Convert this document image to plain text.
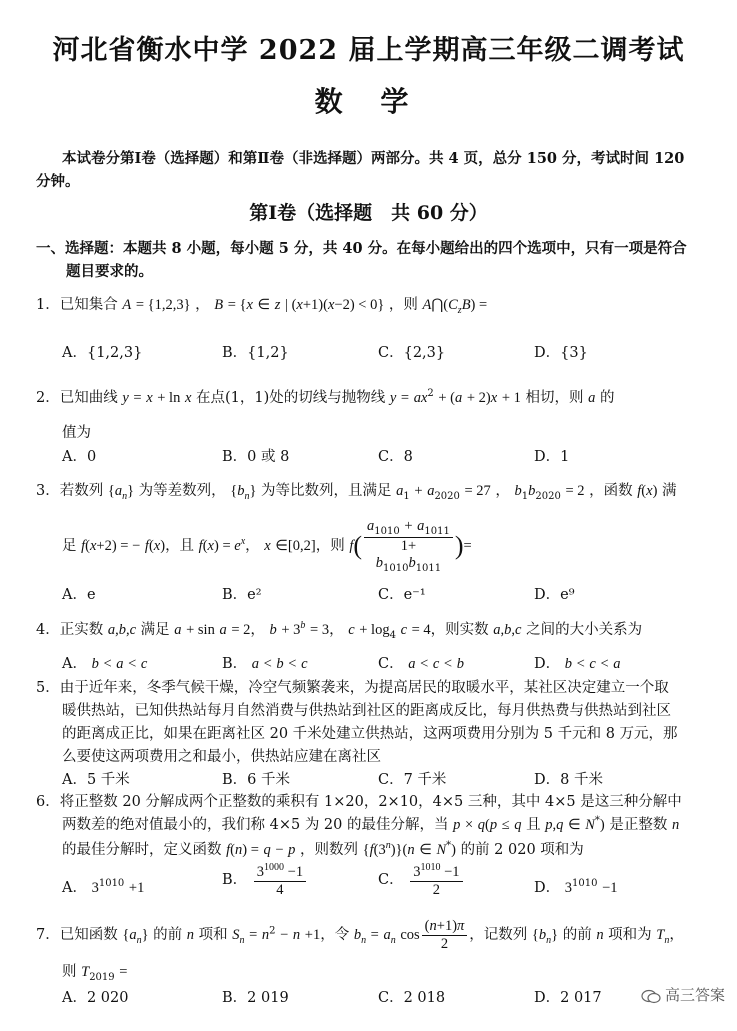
河北省衡水中学 2022 届上学期高三年级二调考试
数 学
本试卷分第Ⅰ卷（选择题）和第Ⅱ卷（非选择题）两部分。共 4 页，总分 150 分，考试时间 120
分钟。
第Ⅰ卷（选择题　共 60 分）
一、选择题：本题共 8 小题，每小题 5 分，共 40 分。在每小题给出的四个选项中，只有一项是符合
题目要求的。
1．已知集合 A = {1,2,3} ， B = {x ∈ z | (x+1)(x−2) < 0} ，则 $A⋂(C_zB)$ =
A．{1,2,3}	B．{1,2}	C．{2,3}	D．{3}
2．已知曲线 y = x + ln x 在点(1，1)处的切线与抛物线 $y = ax^2 + (a + 2)x + 1$ 相切，则 a 的
值为
A．0	B．0 或 8	C．8	D．1
3．若数列 $\{a_n\}$ 为等差数列， $\{b_n\}$ 为等比数列，且满足 $a_1 + a_{2020} = 27$ ， $b_1b_{2020} = 2$ ，函数 f(x) 满
足 f(x+2) = − f(x)，且 $f(x) = e^x$， x ∈[0,2]，则 f(
$a_{1010} + a_{1011}$
1+
$b_{1010}b_{1011})=$
A．e	B．e²	C．e⁻¹	D．e⁹
4．正实数 a,b,c 满足 a + sin a = 2， $b + 3^b = 3$， $c + \log_4 c = 4$，则实数 a,b,c 之间的大小关系为
A． b < a < c	B． a < b < c	C． a < c < b	D． b < c < a
5．由于近年来，冬季气候干燥，冷空气频繁袭来，为提高居民的取暖水平，某社区决定建立一个取
暖供热站，已知供热站每月自然消费与供热站到社区的距离成反比，每月供热费与供热站到社区
的距离成正比，如果在距离社区 20 千米处建立供热站，这两项费用分别为 5 千元和 8 万元，那
么要使这两项费用之和最小，供热站应建在离社区
A．5 千米	B．6 千米	C．7 千米	D．8 千米
6．将正整数 20 分解成两个正整数的乘积有 1×20，2×10，4×5 三种，其中 4×5 是这三种分解中
两数差的绝对值最小的，我们称 4×5 为 20 的最佳分解，当 p × q(p ≤ q 且 p,q ∈ N*) 是正整数 n
的最佳分解时，定义函数 f(n) = q − p ，则数列 {f(3$^n$)}(n ∈ N*) 的前 2 020 项和为
A． $3^{1010} +1$	B． $\frac{3^{1000} -1}{4}$	C． $\frac{3^{1010} -1}{2}$	D． $3^{1010} -1$
7．已知函数 $\{a_n\}$ 的前 n 项和 $S_n = n^2 - n +1$，令 $b_n = a_n$ $\cos \frac{(n+1)\pi}{2}$ ，记数列 $\{b_n\}$ 的前 n 项和为 $T_n$，
则 $T_{2019}$ =
A．2 020	B．2 019	C．2 018	D．2 017	高三答案
